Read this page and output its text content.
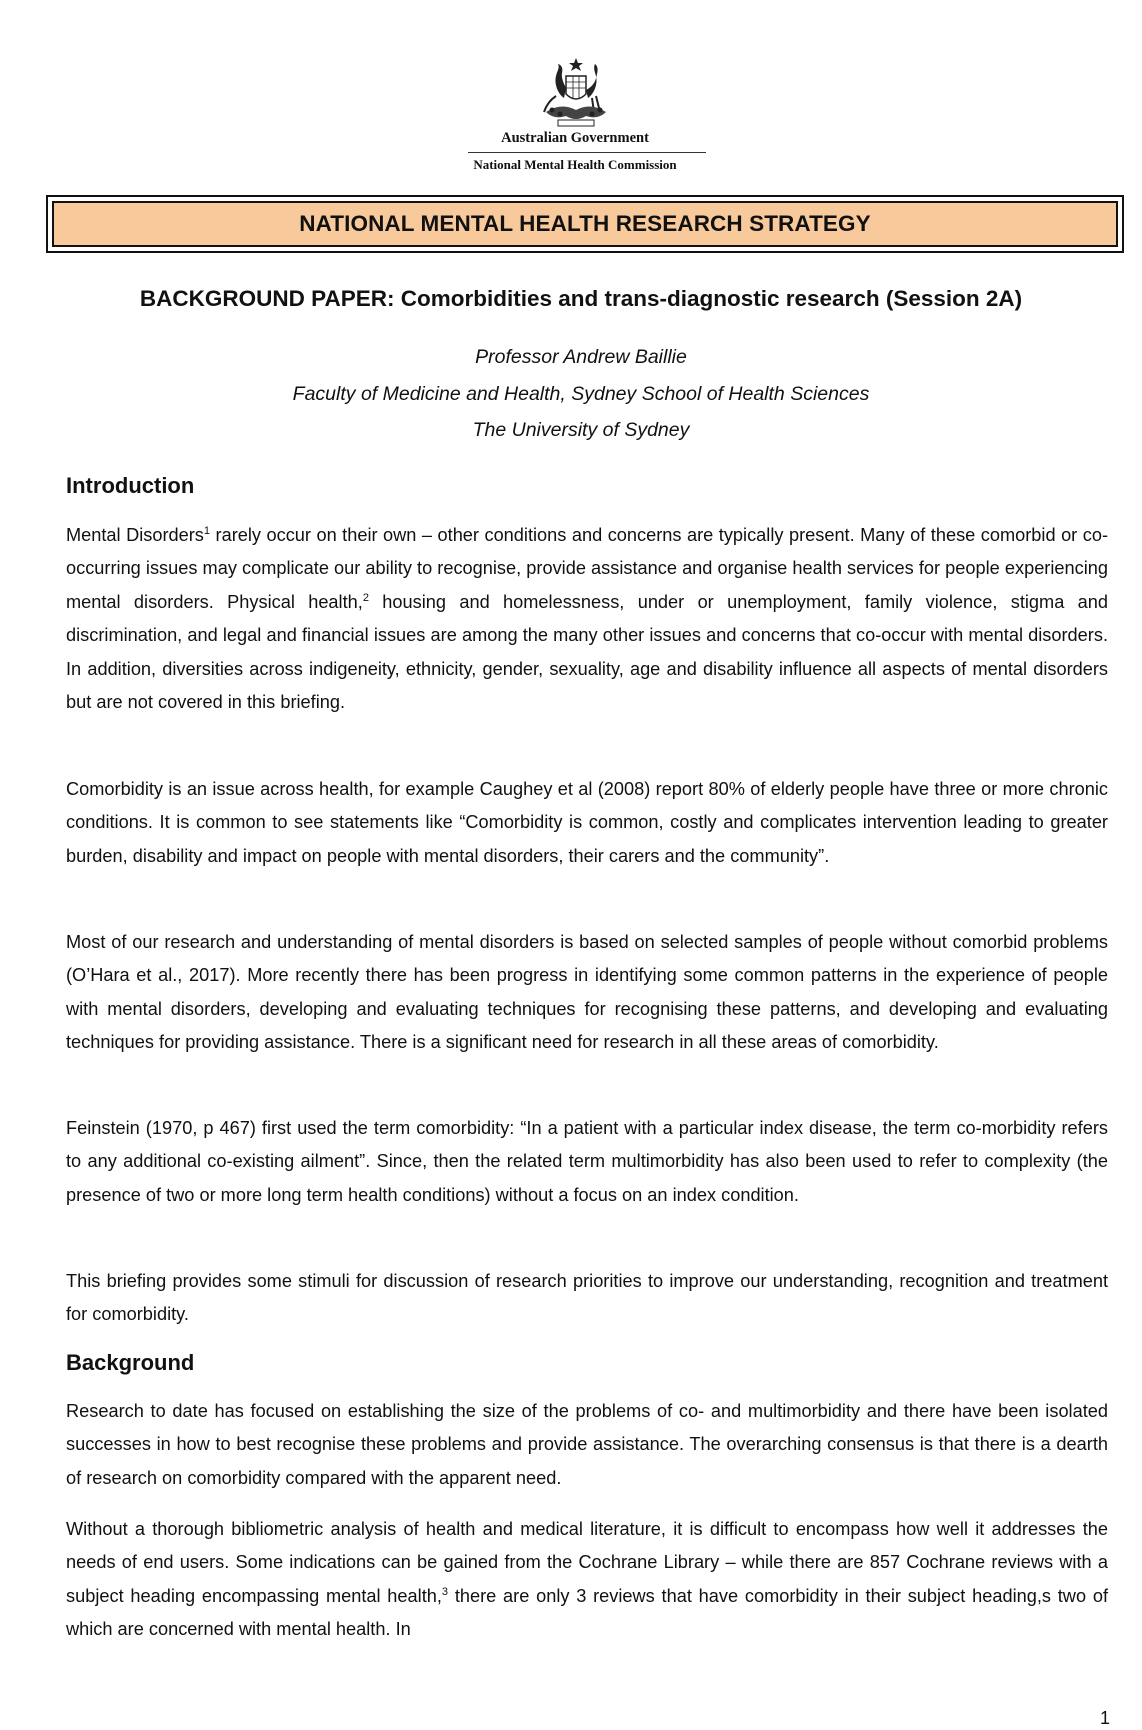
Australian Government
National Mental Health Commission
NATIONAL MENTAL HEALTH RESEARCH STRATEGY
BACKGROUND PAPER: Comorbidities and trans-diagnostic research (Session 2A)
Professor Andrew Baillie
Faculty of Medicine and Health, Sydney School of Health Sciences
The University of Sydney
Introduction

Mental Disorders$^1$ rarely occur on their own – other conditions and concerns are typically present. Many of these comorbid or co-occurring issues may complicate our ability to recognise, provide assistance and organise health services for people experiencing mental disorders. Physical health,$^2$ housing and homelessness, under or unemployment, family violence, stigma and discrimination, and legal and financial issues are among the many other issues and concerns that co-occur with mental disorders. In addition, diversities across indigeneity, ethnicity, gender, sexuality, age and disability influence all aspects of mental disorders but are not covered in this briefing.

Comorbidity is an issue across health, for example Caughey et al (2008) report 80% of elderly people have three or more chronic conditions. It is common to see statements like “Comorbidity is common, costly and complicates intervention leading to greater burden, disability and impact on people with mental disorders, their carers and the community”.

Most of our research and understanding of mental disorders is based on selected samples of people without comorbid problems (O’Hara et al., 2017). More recently there has been progress in identifying some common patterns in the experience of people with mental disorders, developing and evaluating techniques for recognising these patterns, and developing and evaluating techniques for providing assistance. There is a significant need for research in all these areas of comorbidity.

Feinstein (1970, p 467) first used the term comorbidity: “In a patient with a particular index disease, the term co-morbidity refers to any additional co-existing ailment”. Since, then the related term multimorbidity has also been used to refer to complexity (the presence of two or more long term health conditions) without a focus on an index condition.

This briefing provides some stimuli for discussion of research priorities to improve our understanding, recognition and treatment for comorbidity.

Background

Research to date has focused on establishing the size of the problems of co- and multimorbidity and there have been isolated successes in how to best recognise these problems and provide assistance. The overarching consensus is that there is a dearth of research on comorbidity compared with the apparent need.

Without a thorough bibliometric analysis of health and medical literature, it is difficult to encompass how well it addresses the needs of end users. Some indications can be gained from the Cochrane Library – while there are 857 Cochrane reviews with a subject heading encompassing mental health,$^3$ there are only 3 reviews that have comorbidity in their subject heading,s two of which are concerned with mental health. In

1
